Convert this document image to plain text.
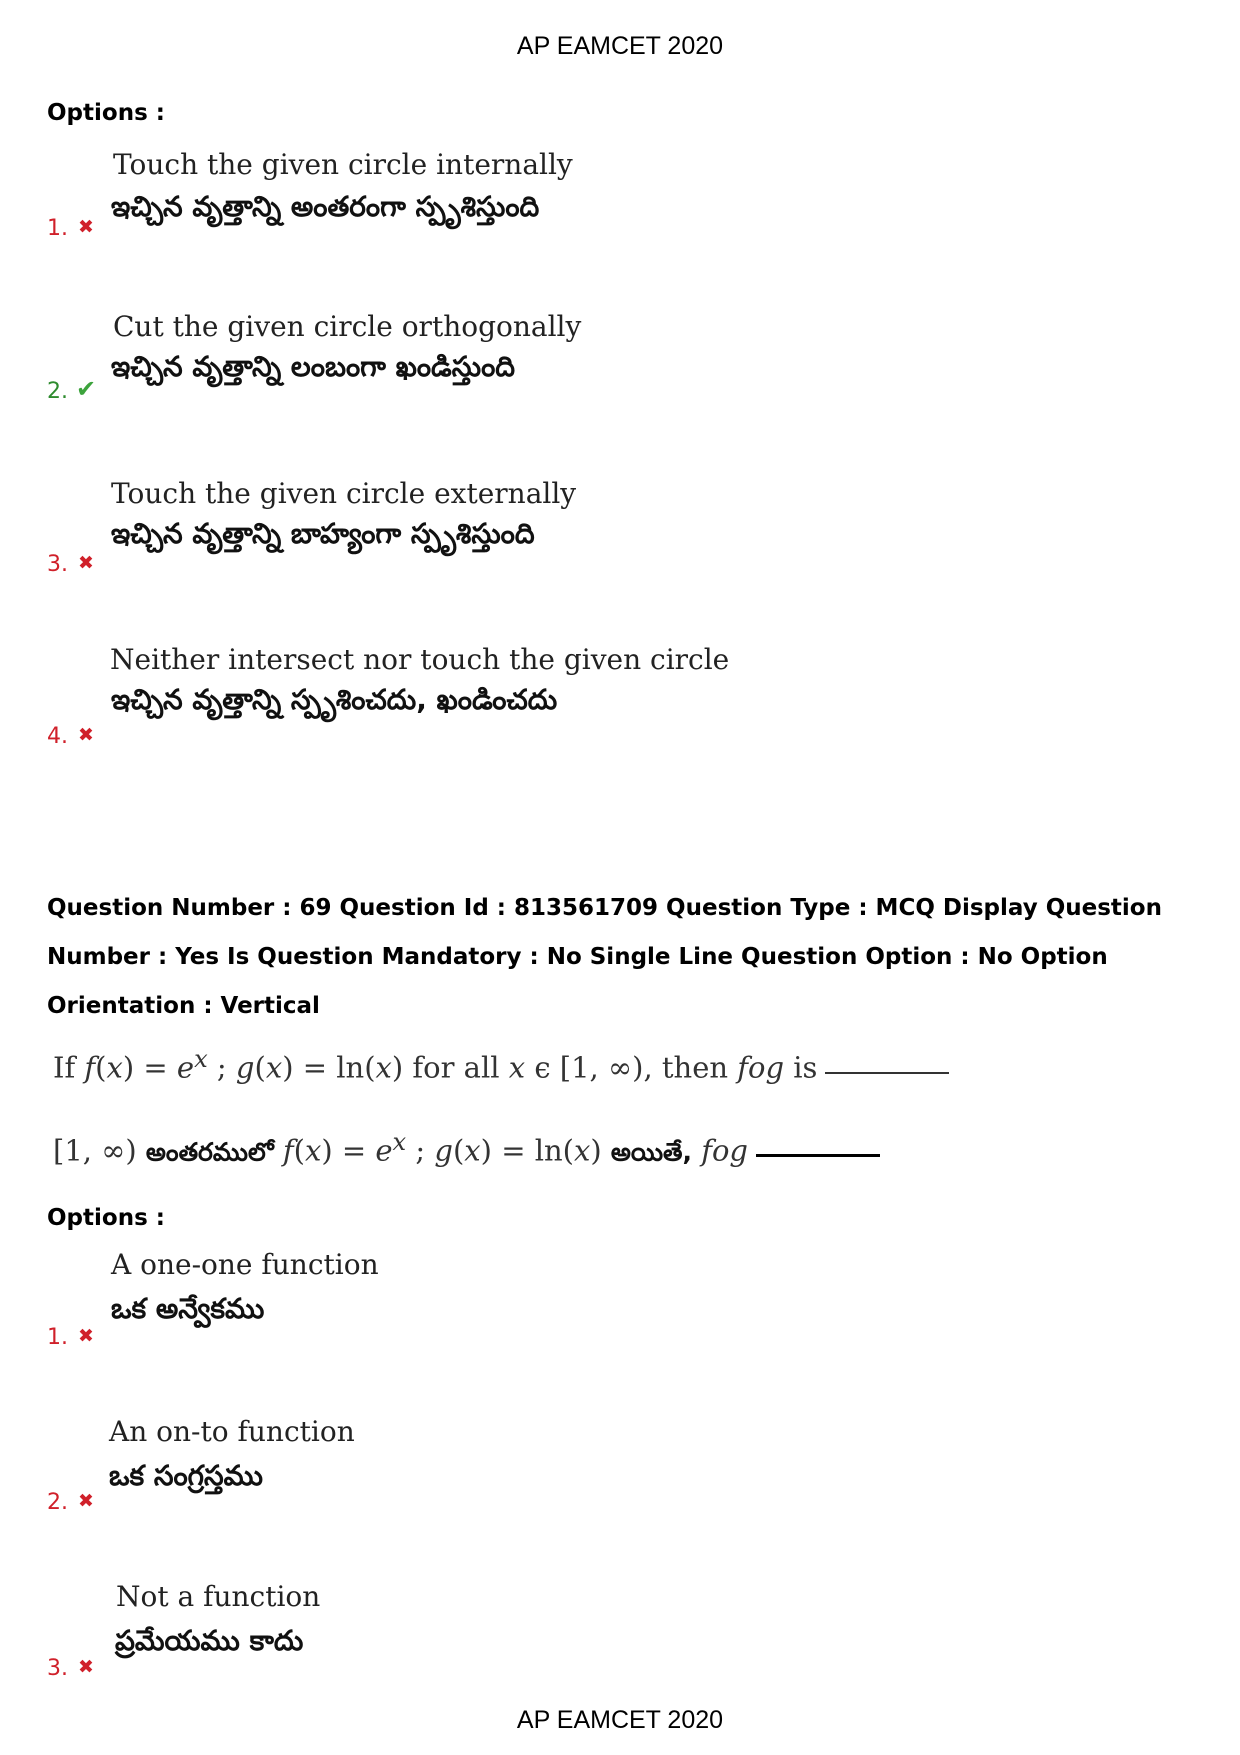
AP EAMCET 2020
Options :
Touch the given circle internally
ఇచ్చిన వృత్తాన్ని అంతరంగా స్పృశిస్తుంది
1. ✖
Cut the given circle orthogonally
ఇచ్చిన వృత్తాన్ని లంబంగా ఖండిస్తుంది
2. ✔
Touch the given circle externally
ఇచ్చిన వృత్తాన్ని బాహ్యంగా స్పృశిస్తుంది
3. ✖
Neither intersect nor touch the given circle
ఇచ్చిన వృత్తాన్ని స్పృశించదు, ఖండించదు
4. ✖
Question Number : 69 Question Id : 813561709 Question Type : MCQ Display Question Number : Yes Is Question Mandatory : No Single Line Question Option : No Option Orientation : Vertical
If $f(x) = e^x$ ; g(x) = ln(x) for all x ϵ [1, ∞), then fog is
[1, ∞) అంతరములో $f(x) = e^x$ ; g(x) = ln(x) అయితే, fog
Options :
A one-one function
ఒక అన్వేకము
1. ✖
An on-to function
ఒక సంగ్రస్తము
2. ✖
Not a function
ప్రమేయము కాదు
3. ✖
AP EAMCET 2020
